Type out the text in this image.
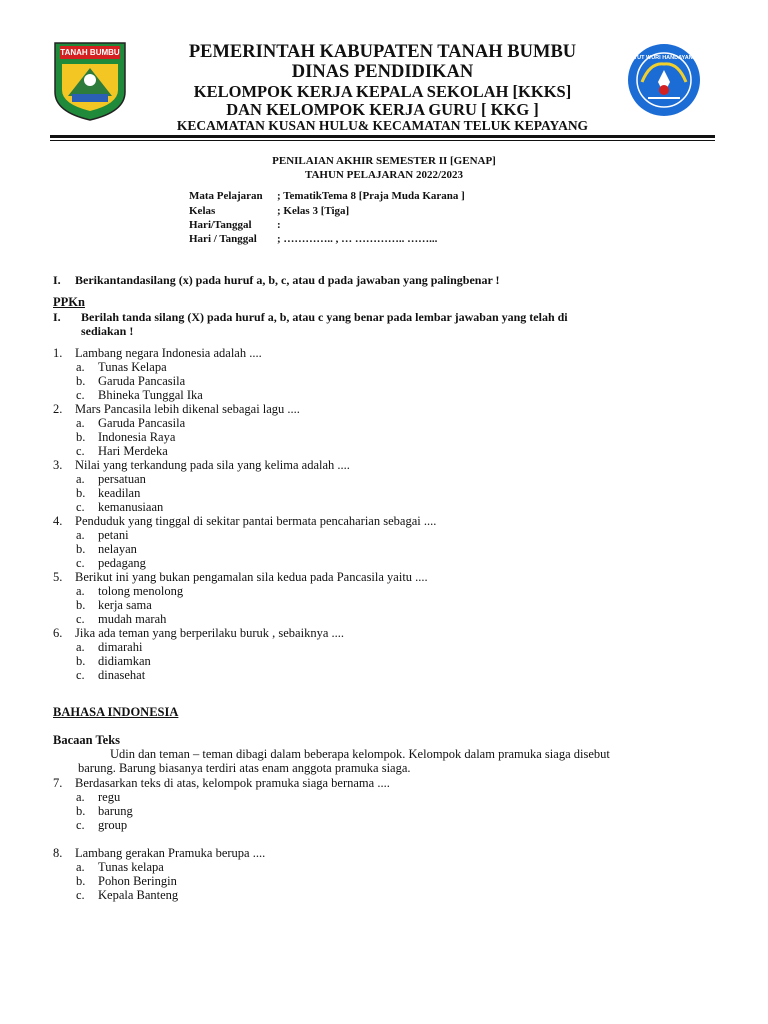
TANAH BUMBU	PEMERINTAH KABUPATEN TANAH BUMBU
DINAS PENDIDIKAN
KELOMPOK KERJA KEPALA SEKOLAH [KKKS]
DAN KELOMPOK KERJA GURU [ KKG ]
KECAMATAN KUSAN HULU& KECAMATAN TELUK KEPAYANG
TUT WURI HANDAYANI
PENILAIAN AKHIR SEMESTER II [GENAP]
TAHUN PELAJARAN 2022/2023
Mata Pelajaran ; TematikTema 8 [Praja Muda Karana ]
Kelas	; Kelas 3 [Tiga]
Hari/Tanggal :
Hari / Tanggal ; ………….. , … ………….. ……...
I. Berikantandasilang (x) pada huruf a, b, c, atau d pada jawaban yang palingbenar !
PPKn
I. Berilah tanda silang (X) pada huruf a, b, atau c yang benar pada lembar jawaban yang telah di
sediakan !
1. Lambang negara Indonesia adalah ....
a. Tunas Kelapa
b. Garuda Pancasila
c. Bhineka Tunggal Ika
2. Mars Pancasila lebih dikenal sebagai lagu ....
a. Garuda Pancasila
b. Indonesia Raya
c. Hari Merdeka
3. Nilai yang terkandung pada sila yang kelima adalah ....
a. persatuan
b. keadilan
c. kemanusiaan
4. Penduduk yang tinggal di sekitar pantai bermata pencaharian sebagai ....
a. petani
b. nelayan
c. pedagang
5. Berikut ini yang bukan pengamalan sila kedua pada Pancasila yaitu ....
a. tolong menolong
b. kerja sama
c. mudah marah
6. Jika ada teman yang berperilaku buruk , sebaiknya ....
a. dimarahi
b. didiamkan
c. dinasehat
BAHASA INDONESIA
Bacaan Teks
Udin dan teman – teman dibagi dalam beberapa kelompok. Kelompok dalam pramuka siaga disebut
barung. Barung biasanya terdiri atas enam anggota pramuka siaga.
7. Berdasarkan teks di atas, kelompok pramuka siaga bernama ....
a. regu
b. barung
c. group
8. Lambang gerakan Pramuka berupa ....
a. Tunas kelapa
b. Pohon Beringin
c. Kepala Banteng
